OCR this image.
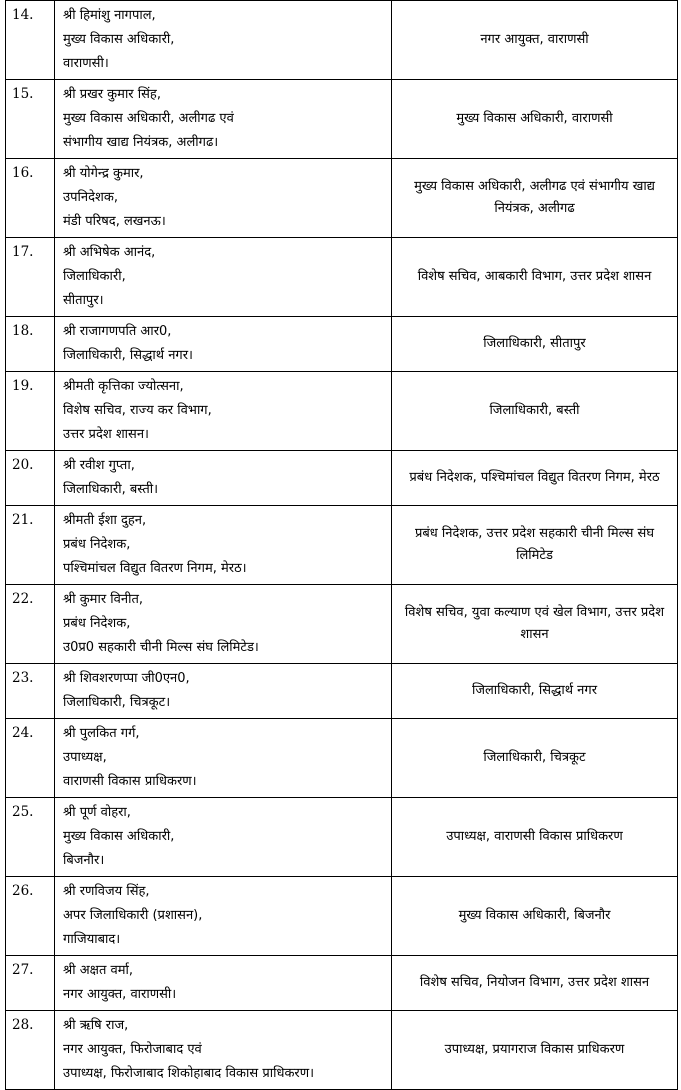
14.	श्री हिमांशु नागपाल,
मुख्य विकास अधिकारी,
वाराणसी।	नगर आयुक्त, वाराणसी
15.	श्री प्रखर कुमार सिंह,
मुख्य विकास अधिकारी, अलीगढ एवं
संभागीय खाद्य नियंत्रक, अलीगढ।	मुख्य विकास अधिकारी, वाराणसी
16.	श्री योगेन्द्र कुमार,
उपनिदेशक,
मंडी परिषद, लखनऊ।	मुख्य विकास अधिकारी, अलीगढ एवं संभागीय खाद्य नियंत्रक, अलीगढ
17.	श्री अभिषेक आनंद,
जिलाधिकारी,
सीतापुर।	विशेष सचिव, आबकारी विभाग, उत्तर प्रदेश शासन
18.	श्री राजागणपति आर0,
जिलाधिकारी, सिद्धार्थ नगर।	जिलाधिकारी, सीतापुर
19.	श्रीमती कृत्तिका ज्योत्सना,
विशेष सचिव, राज्य कर विभाग,
उत्तर प्रदेश शासन।	जिलाधिकारी, बस्ती
20.	श्री रवीश गुप्ता,
जिलाधिकारी, बस्ती।	प्रबंध निदेशक, पश्चिमांचल विद्युत वितरण निगम, मेरठ
21.	श्रीमती ईशा दुहन,
प्रबंध निदेशक,
पश्चिमांचल विद्युत वितरण निगम, मेरठ।	प्रबंध निदेशक, उत्तर प्रदेश सहकारी चीनी मिल्स संघ लिमिटेड
22.	श्री कुमार विनीत,
प्रबंध निदेशक,
उ0प्र0 सहकारी चीनी मिल्स संघ लिमिटेड।	विशेष सचिव, युवा कल्याण एवं खेल विभाग, उत्तर प्रदेश शासन
23.	श्री शिवशरणप्पा जी0एन0,
जिलाधिकारी, चित्रकूट।	जिलाधिकारी, सिद्धार्थ नगर
24.	श्री पुलकित गर्ग,
उपाध्यक्ष,
वाराणसी विकास प्राधिकरण।	जिलाधिकारी, चित्रकूट
25.	श्री पूर्ण वोहरा,
मुख्य विकास अधिकारी,
बिजनौर।	उपाध्यक्ष, वाराणसी विकास प्राधिकरण
26.	श्री रणविजय सिंह,
अपर जिलाधिकारी (प्रशासन),
गाजियाबाद।	मुख्य विकास अधिकारी, बिजनौर
27.	श्री अक्षत वर्मा,
नगर आयुक्त, वाराणसी।	विशेष सचिव, नियोजन विभाग, उत्तर प्रदेश शासन
28.	श्री ऋषि राज,
नगर आयुक्त, फिरोजाबाद एवं
उपाध्यक्ष, फिरोजाबाद शिकोहाबाद विकास प्राधिकरण।	उपाध्यक्ष, प्रयागराज विकास प्राधिकरण
